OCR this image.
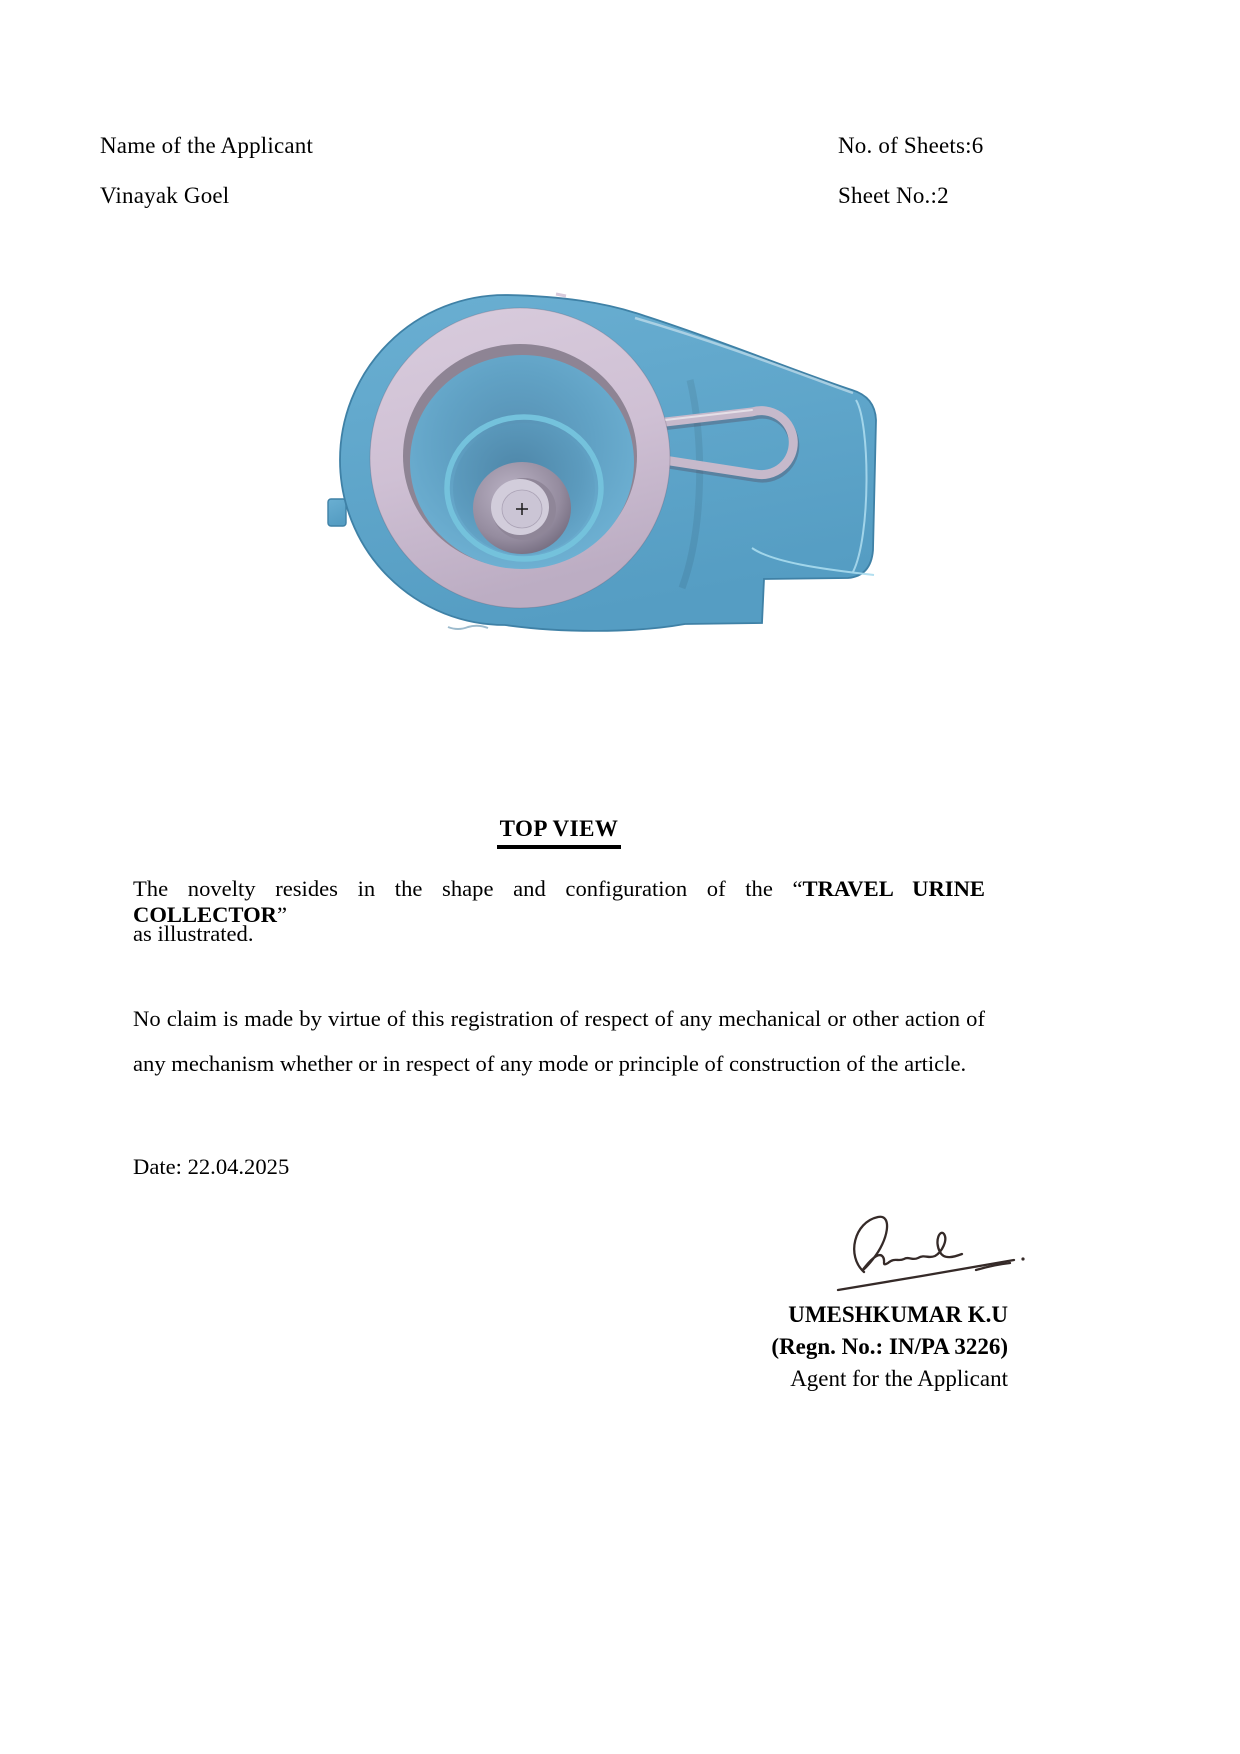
Name of the Applicant
Vinayak Goel
No. of Sheets:6
Sheet No.:2
TOP VIEW
The novelty resides in the shape and configuration of the “TRAVEL URINE COLLECTOR”
as illustrated.
No claim is made by virtue of this registration of respect of any mechanical or other action of
any mechanism whether or in respect of any mode or principle of construction of the article.
Date: 22.04.2025
UMESHKUMAR K.U
(Regn. No.: IN/PA 3226)
Agent for the Applicant
